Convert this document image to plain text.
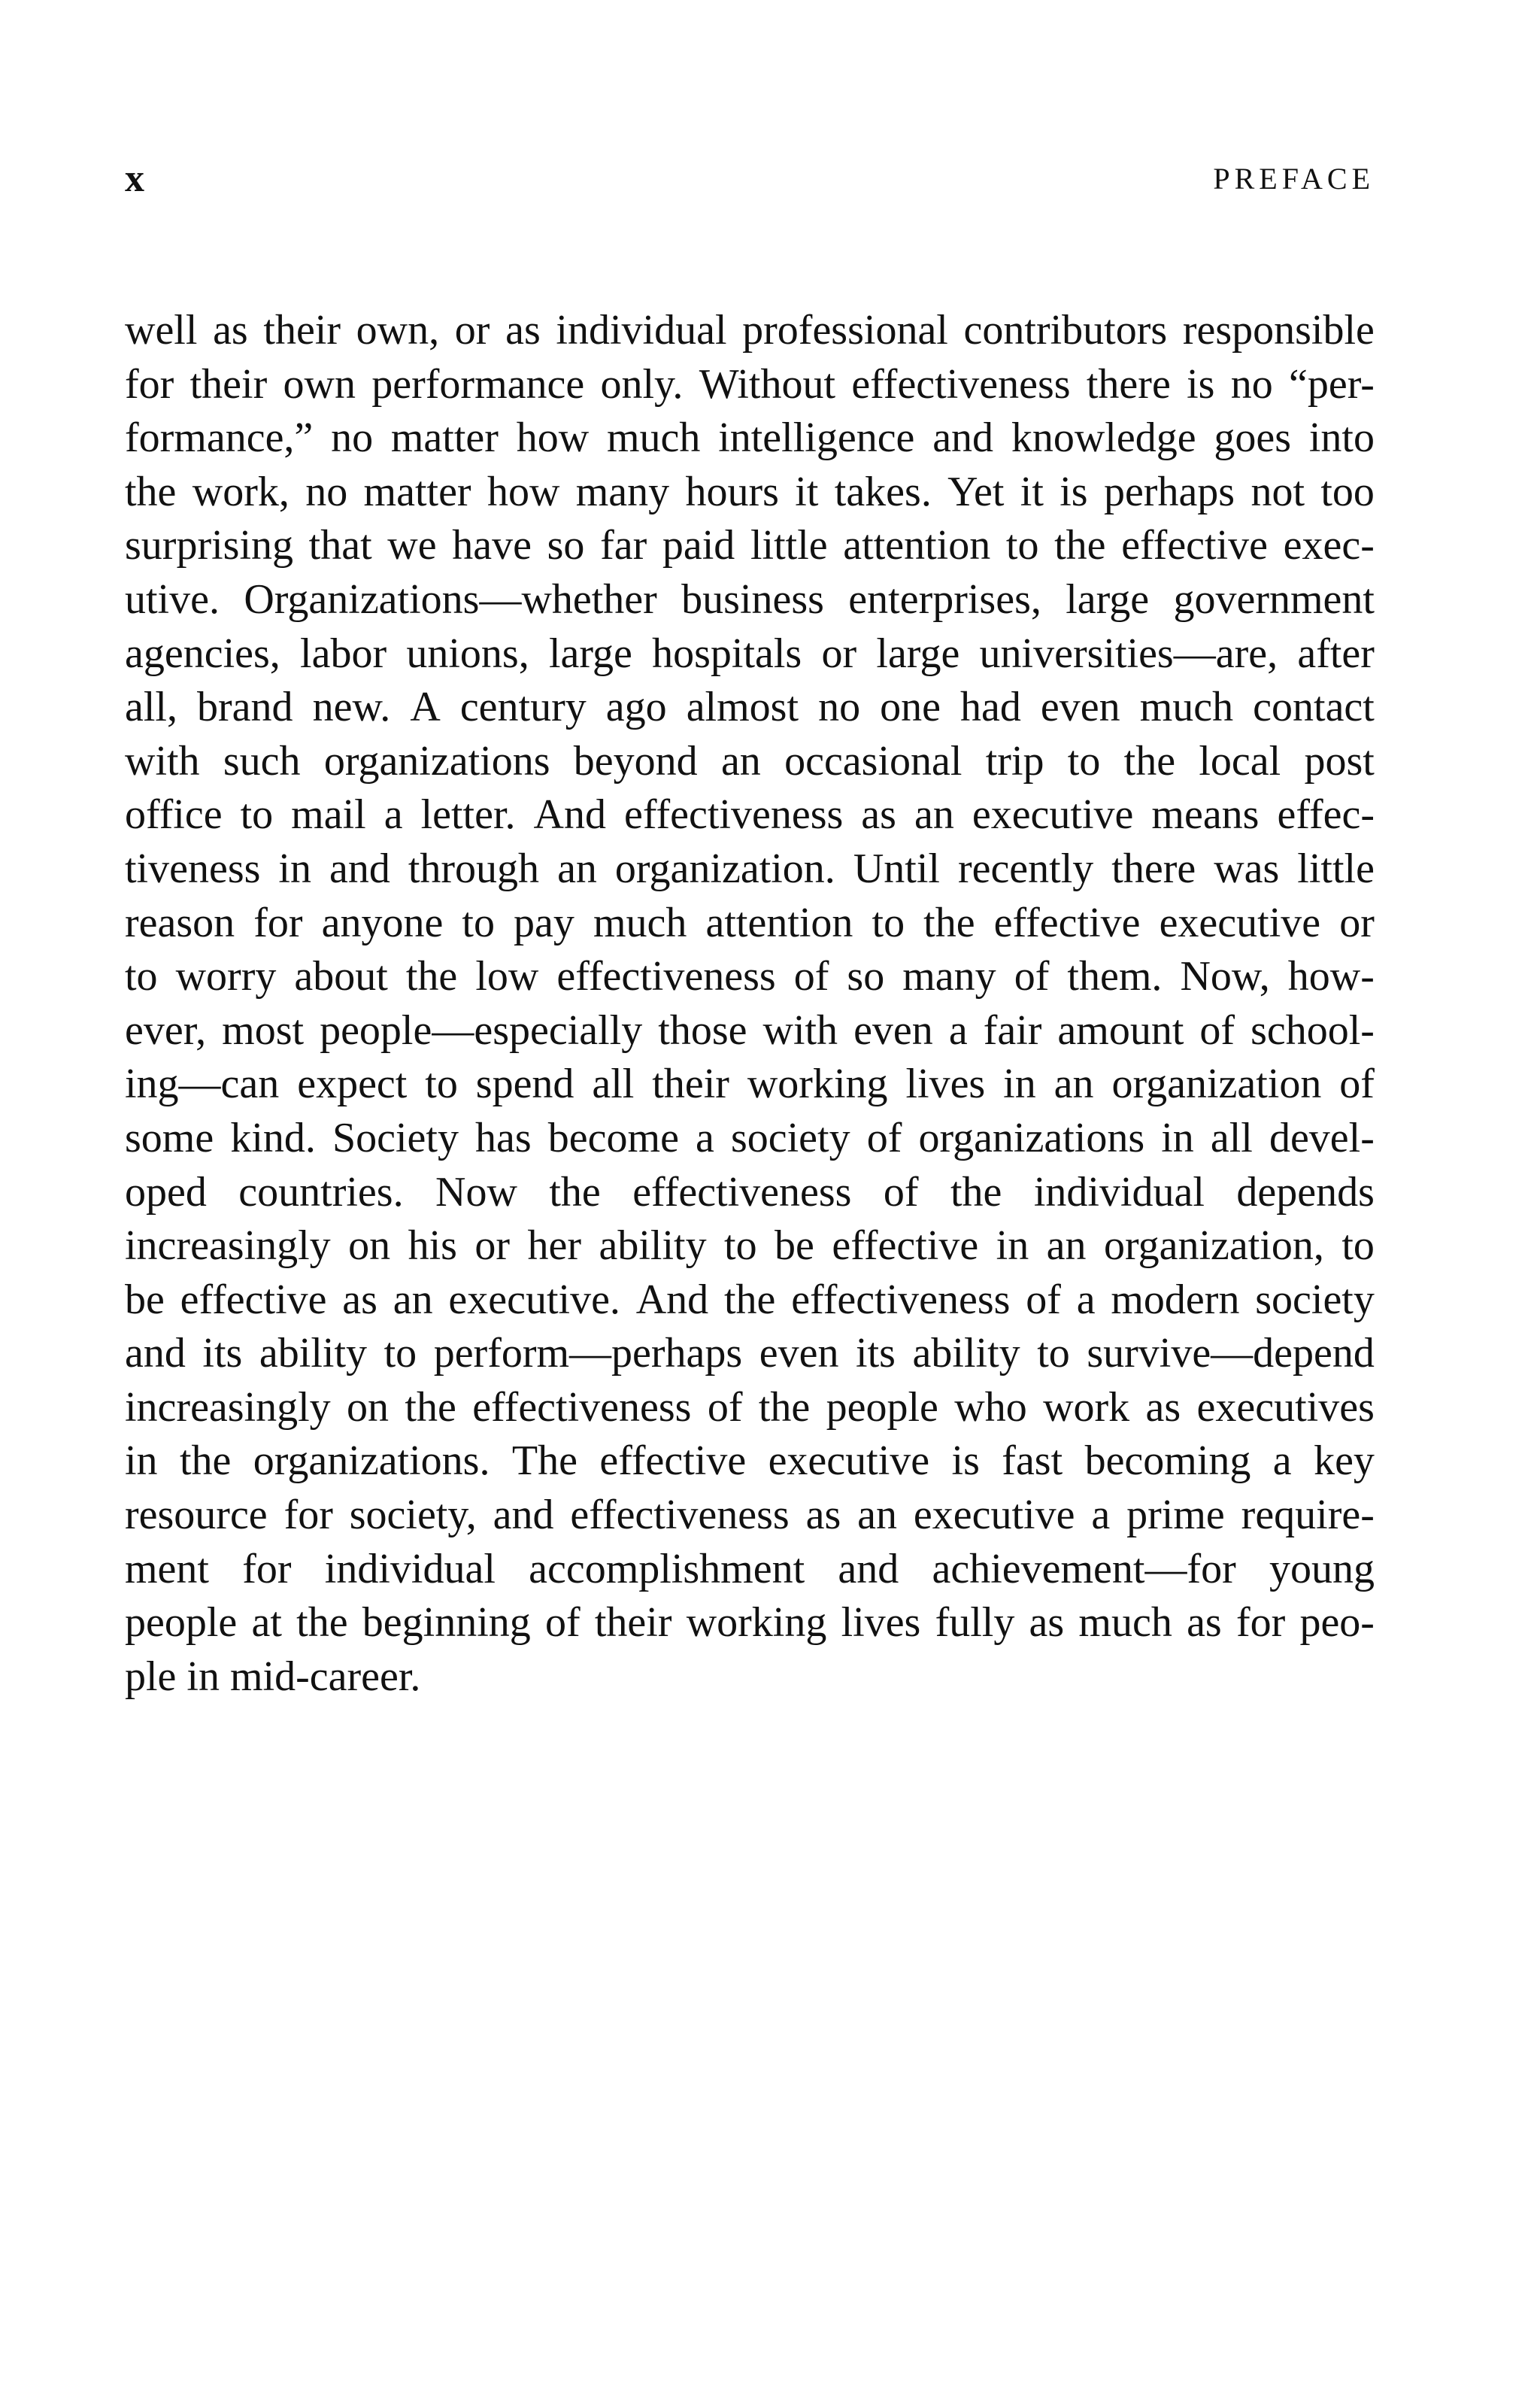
x	PREFACE
well as their own, or as individual professional contributors responsible
for their own performance only. Without effectiveness there is no “per-
formance,” no matter how much intelligence and knowledge goes into
the work, no matter how many hours it takes. Yet it is perhaps not too
surprising that we have so far paid little attention to the effective exec-
utive. Organizations—whether business enterprises, large government
agencies, labor unions, large hospitals or large universities—are, after
all, brand new. A century ago almost no one had even much contact
with such organizations beyond an occasional trip to the local post
office to mail a letter. And effectiveness as an executive means effec-
tiveness in and through an organization. Until recently there was little
reason for anyone to pay much attention to the effective executive or
to worry about the low effectiveness of so many of them. Now, how-
ever, most people—especially those with even a fair amount of school-
ing—can expect to spend all their working lives in an organization of
some kind. Society has become a society of organizations in all devel-
oped countries. Now the effectiveness of the individual depends
increasingly on his or her ability to be effective in an organization, to
be effective as an executive. And the effectiveness of a modern society
and its ability to perform—perhaps even its ability to survive—depend
increasingly on the effectiveness of the people who work as executives
in the organizations. The effective executive is fast becoming a key
resource for society, and effectiveness as an executive a prime require-
ment for individual accomplishment and achievement—for young
people at the beginning of their working lives fully as much as for peo-
ple in mid-career.
